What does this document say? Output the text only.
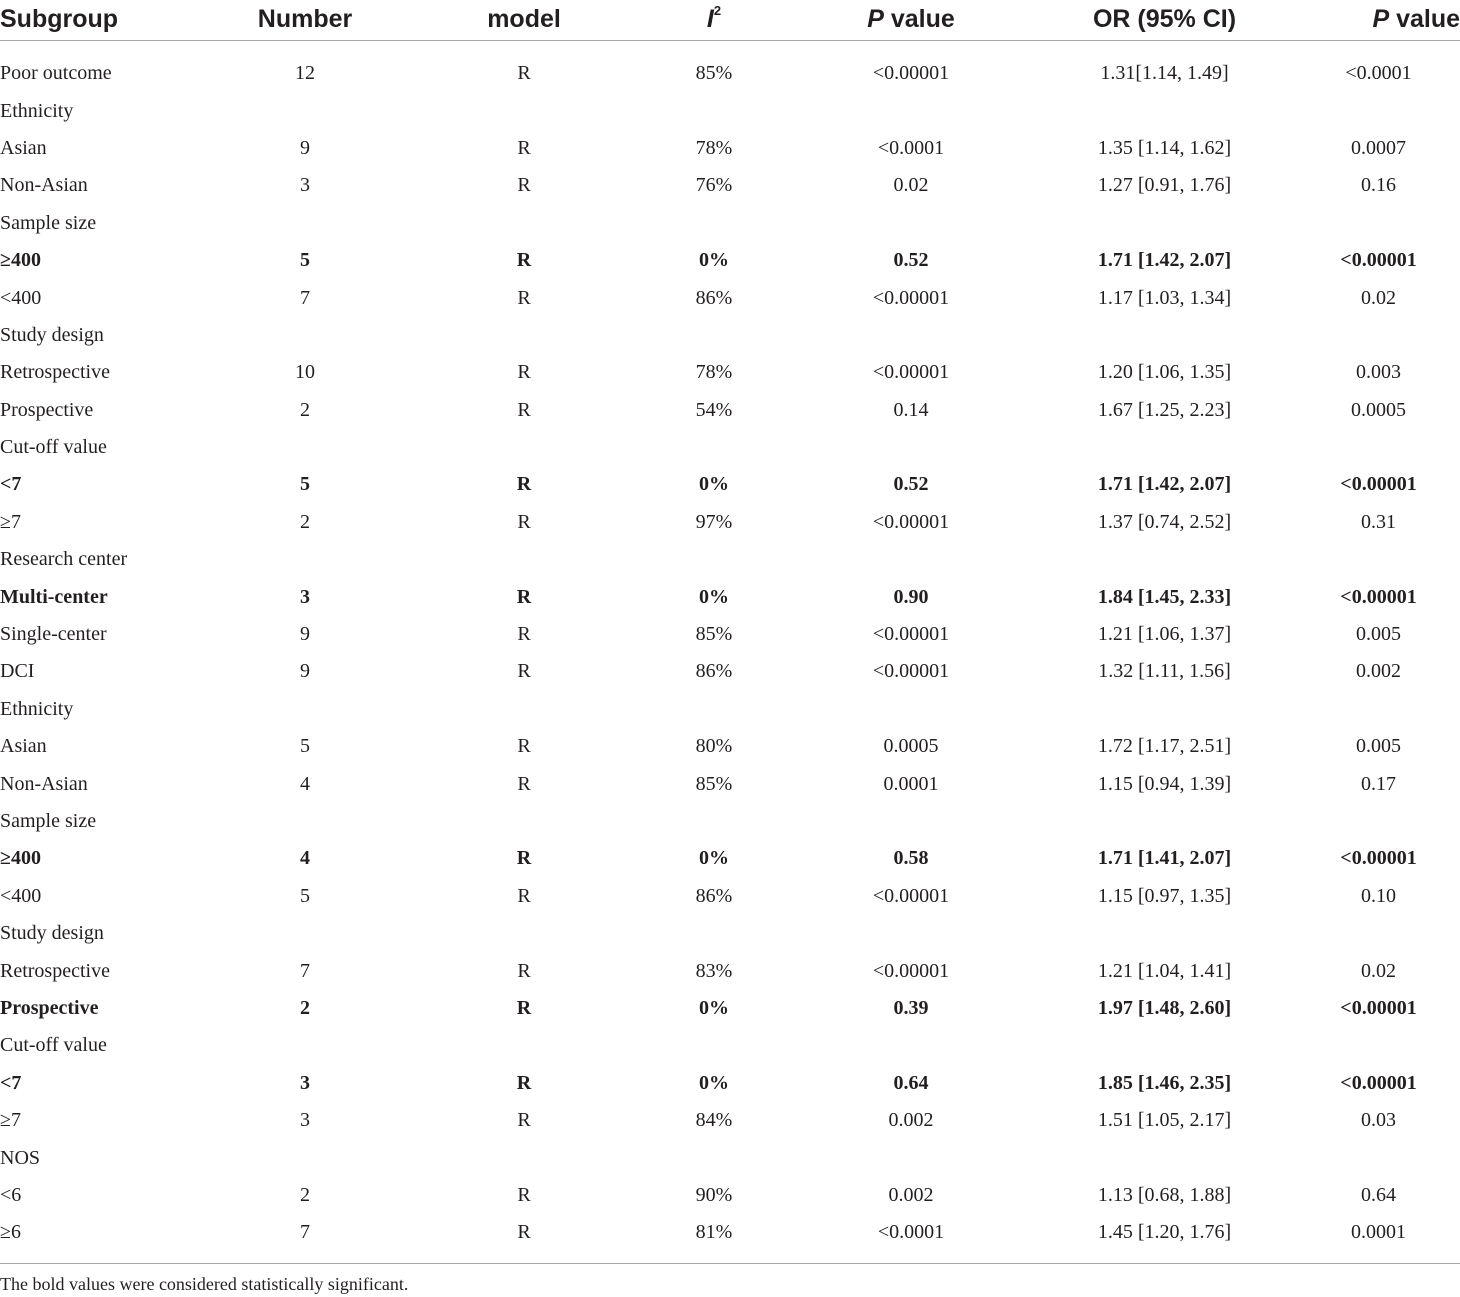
Subgroup	Number	model	$I^2$	P value	OR (95% CI)	P value

Poor outcome	12	R	85%	<0.00001	1.31[1.14, 1.49]	<0.0001
Ethnicity						
Asian	9	R	78%	<0.0001	1.35 [1.14, 1.62]	0.0007
Non-Asian	3	R	76%	0.02	1.27 [0.91, 1.76]	0.16
Sample size						
≥400	5	R	0%	0.52	1.71 [1.42, 2.07]	<0.00001
<400	7	R	86%	<0.00001	1.17 [1.03, 1.34]	0.02
Study design						
Retrospective	10	R	78%	<0.00001	1.20 [1.06, 1.35]	0.003
Prospective	2	R	54%	0.14	1.67 [1.25, 2.23]	0.0005
Cut-off value						
<7	5	R	0%	0.52	1.71 [1.42, 2.07]	<0.00001
≥7	2	R	97%	<0.00001	1.37 [0.74, 2.52]	0.31
Research center						
Multi-center	3	R	0%	0.90	1.84 [1.45, 2.33]	<0.00001
Single-center	9	R	85%	<0.00001	1.21 [1.06, 1.37]	0.005
DCI	9	R	86%	<0.00001	1.32 [1.11, 1.56]	0.002
Ethnicity						
Asian	5	R	80%	0.0005	1.72 [1.17, 2.51]	0.005
Non-Asian	4	R	85%	0.0001	1.15 [0.94, 1.39]	0.17
Sample size						
≥400	4	R	0%	0.58	1.71 [1.41, 2.07]	<0.00001
<400	5	R	86%	<0.00001	1.15 [0.97, 1.35]	0.10
Study design						
Retrospective	7	R	83%	<0.00001	1.21 [1.04, 1.41]	0.02
Prospective	2	R	0%	0.39	1.97 [1.48, 2.60]	<0.00001
Cut-off value						
<7	3	R	0%	0.64	1.85 [1.46, 2.35]	<0.00001
≥7	3	R	84%	0.002	1.51 [1.05, 2.17]	0.03
NOS						
<6	2	R	90%	0.002	1.13 [0.68, 1.88]	0.64
≥6	7	R	81%	<0.0001	1.45 [1.20, 1.76]	0.0001
The bold values were considered statistically significant.
